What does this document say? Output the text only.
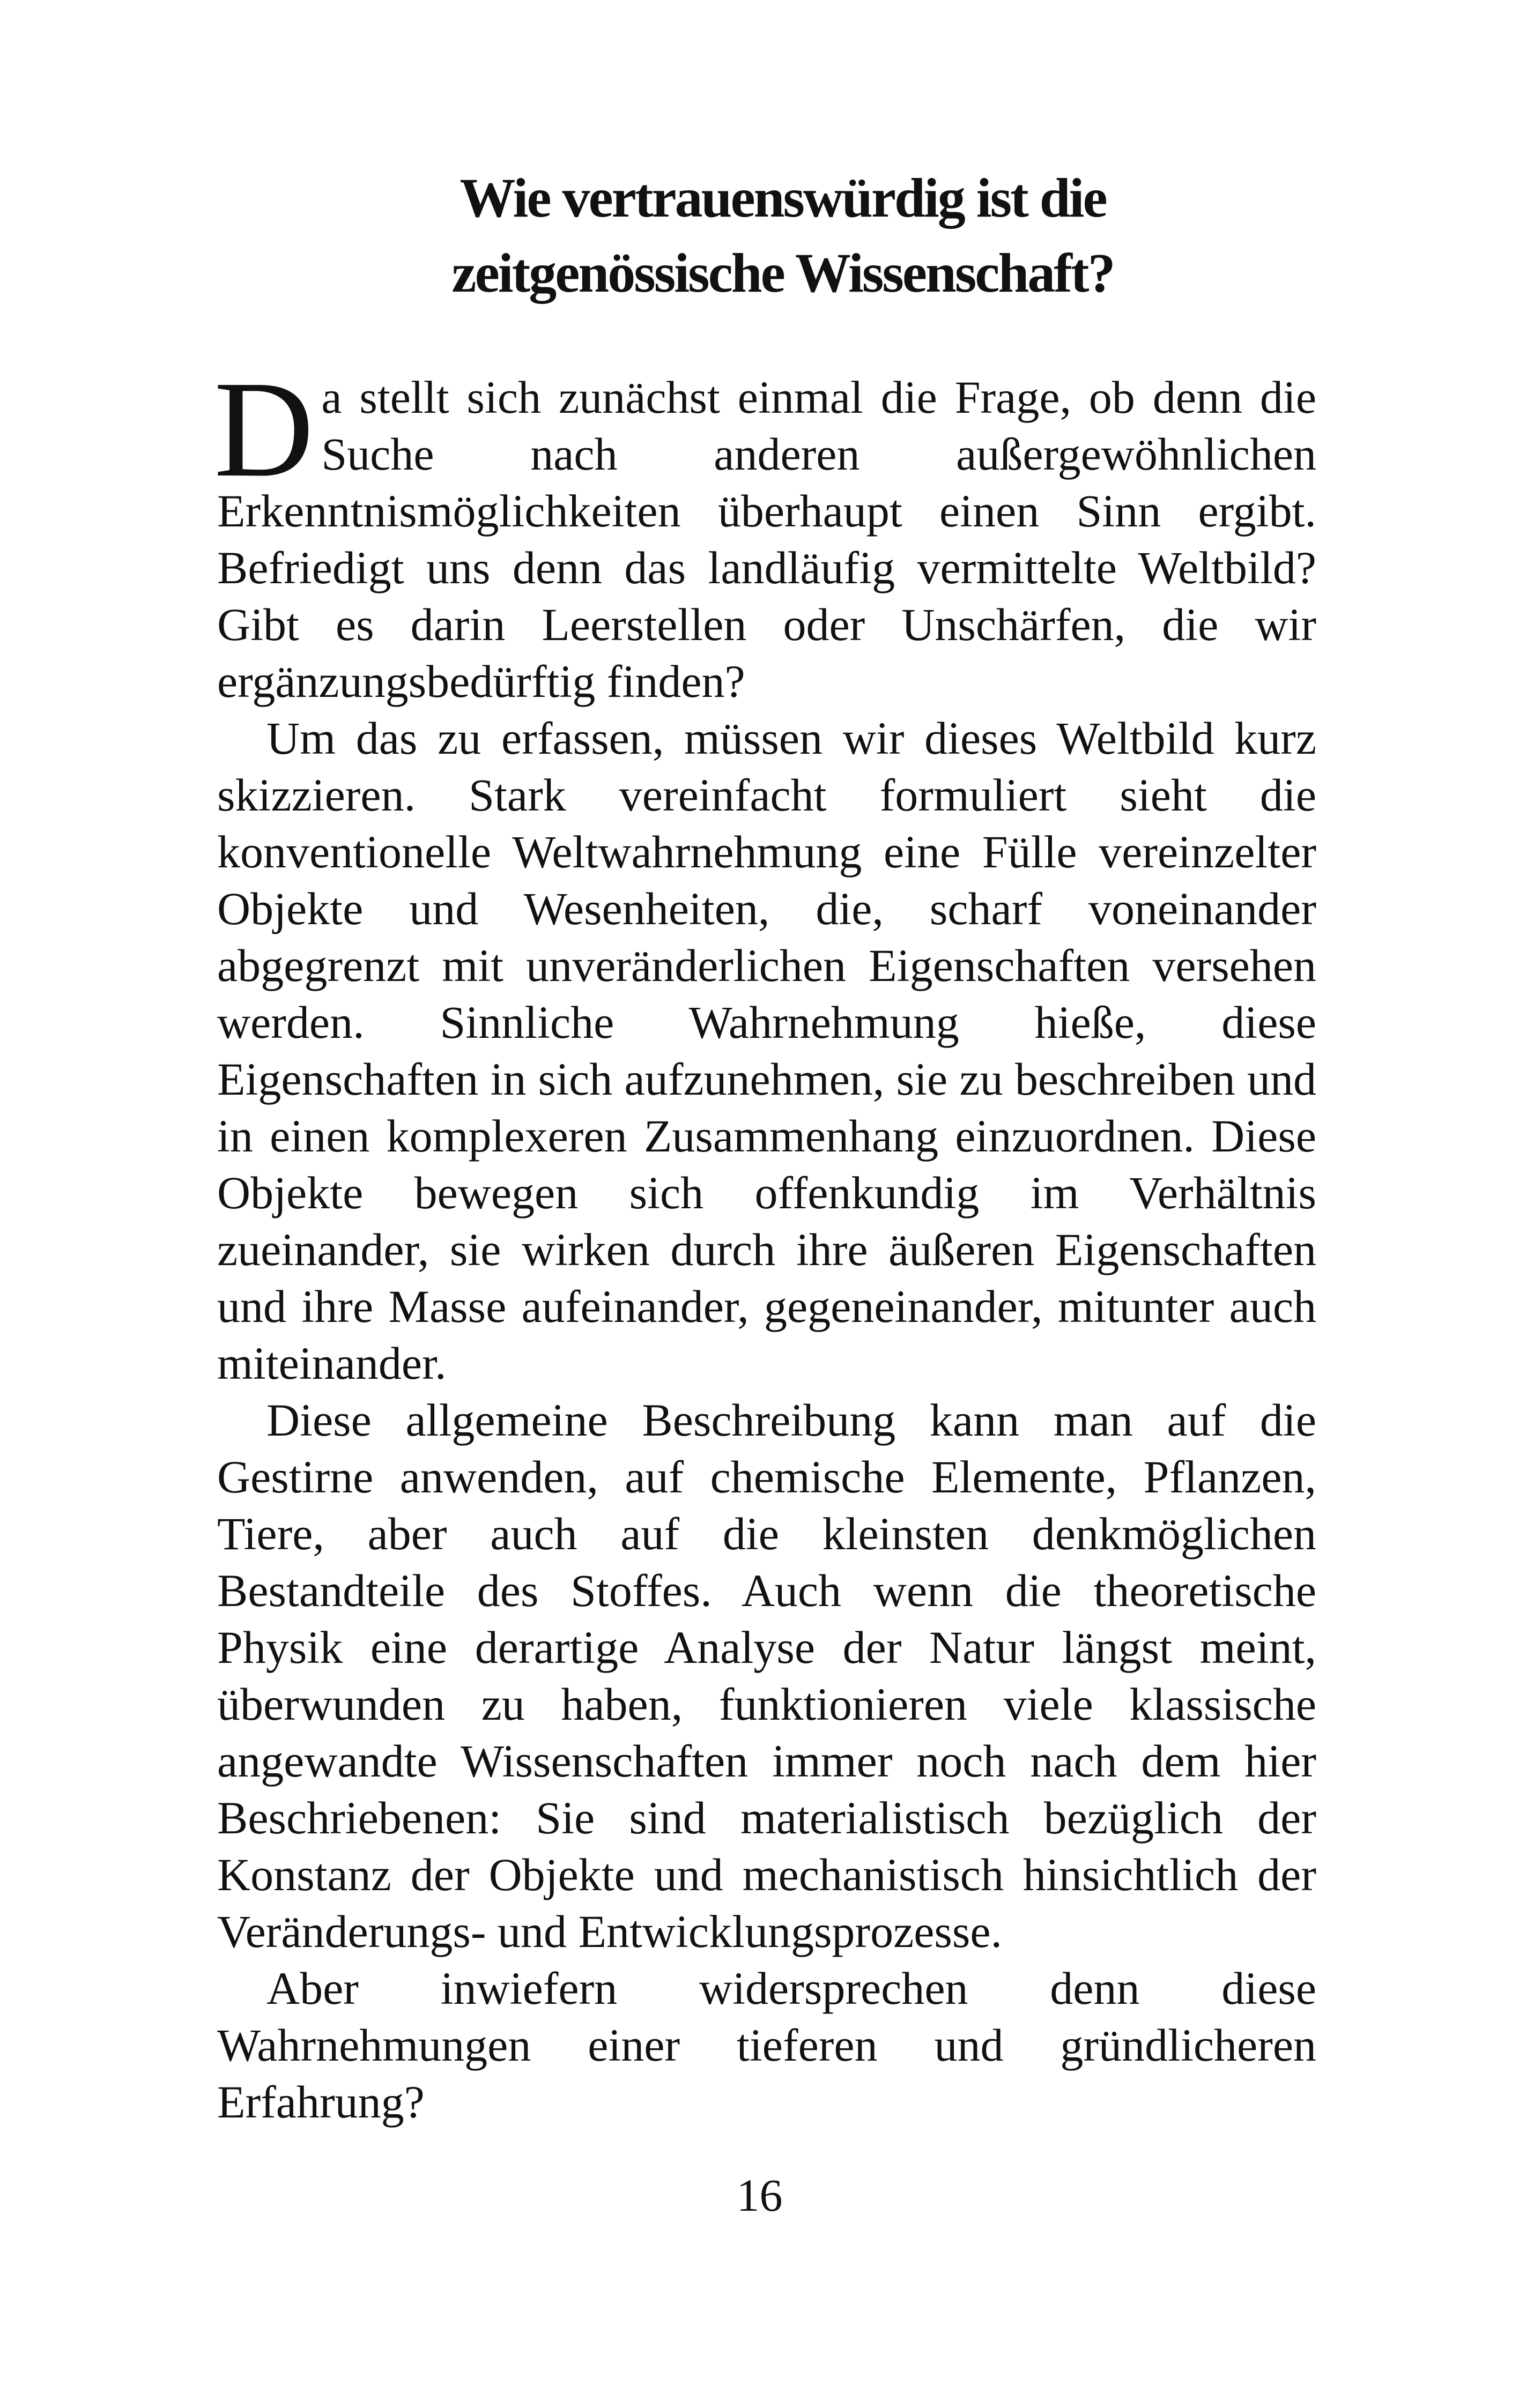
Wie vertrauenswürdig ist die
zeitgenössische Wissenschaft?

Da stellt sich zunächst einmal die Frage, ob denn die Suche nach anderen außergewöhnlichen Erkenntnismöglichkeiten überhaupt einen Sinn ergibt. Befriedigt uns denn das landläufig vermittelte Weltbild? Gibt es darin Leerstellen oder Unschärfen, die wir ergänzungsbedürftig finden?

Um das zu erfassen, müssen wir dieses Weltbild kurz skizzieren. Stark vereinfacht formuliert sieht die konventionelle Weltwahrnehmung eine Fülle vereinzelter Objekte und Wesenheiten, die, scharf voneinander abgegrenzt mit unveränderlichen Eigenschaften versehen werden. Sinnliche Wahrnehmung hieße, diese Eigenschaften in sich aufzunehmen, sie zu beschreiben und in einen komplexeren Zusammenhang einzuordnen. Diese Objekte bewegen sich offenkundig im Verhältnis zueinander, sie wirken durch ihre äußeren Eigenschaften und ihre Masse aufeinander, gegeneinander, mitunter auch miteinander.

Diese allgemeine Beschreibung kann man auf die Gestirne anwenden, auf chemische Elemente, Pflanzen, Tiere, aber auch auf die kleinsten denkmöglichen Bestandteile des Stoffes. Auch wenn die theoretische Physik eine derartige Analyse der Natur längst meint, überwunden zu haben, funktionieren viele klassische angewandte Wissenschaften immer noch nach dem hier Beschriebenen: Sie sind materialistisch bezüglich der Konstanz der Objekte und mechanistisch hinsichtlich der Veränderungs- und Entwicklungsprozesse.

Aber inwiefern widersprechen denn diese Wahrnehmungen einer tieferen und gründlicheren Erfahrung?

16
